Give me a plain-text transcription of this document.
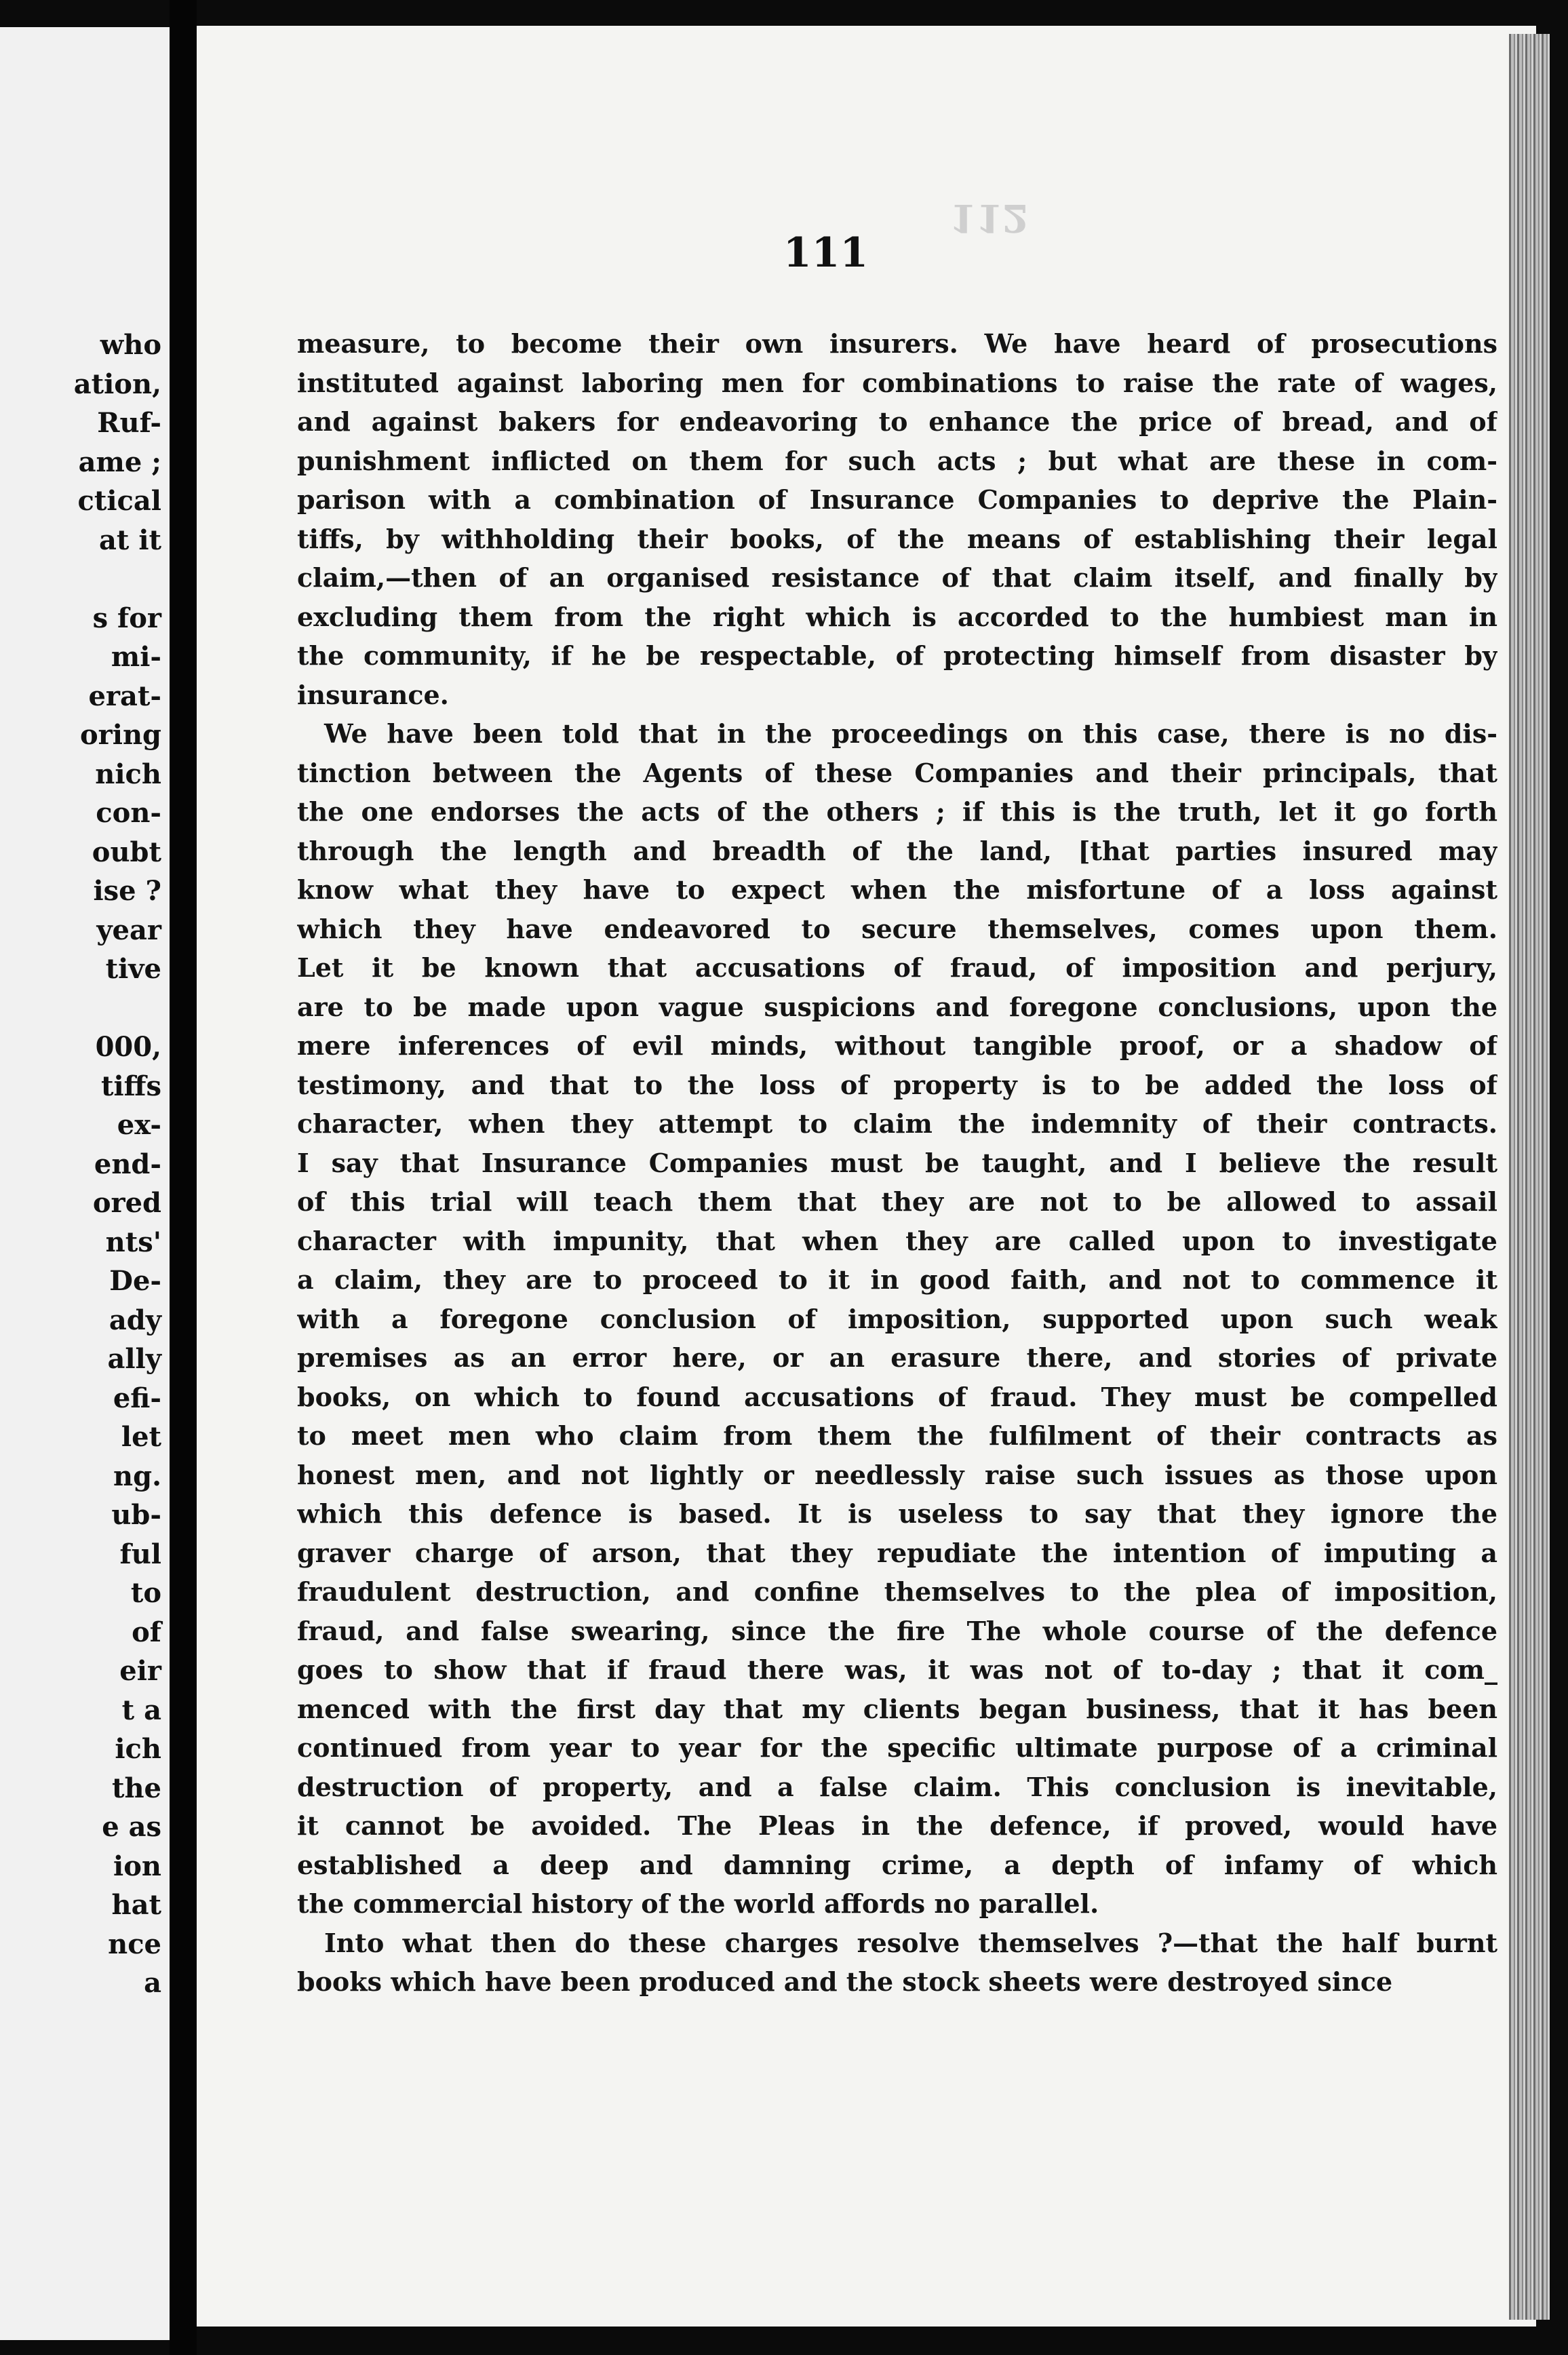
who
ation,
Ruf-
ame ;
ctical
at it
s for
mi-
erat-
oring
nich
con-
oubt
ise ?
year
tive
000,
tiffs
ex-
end-
ored
nts'
De-
ady
ally
efi-
let
ng.
ub-
ful
to
of
eir
t a
ich
the
e as
ion
hat
nce
a
112
111
measure, to become their own insurers. We have heard of prosecutions
instituted against laboring men for combinations to raise the rate of wages,
and against bakers for endeavoring to enhance the price of bread, and of
punishment inflicted on them for such acts ; but what are these in com-
parison with a combination of Insurance Companies to deprive the Plain-
tiffs, by withholding their books, of the means of establishing their legal
claim,—then of an organised resistance of that claim itself, and finally by
excluding them from the right which is accorded to the humbiest man in
the community, if he be respectable, of protecting himself from disaster by
insurance.
We have been told that in the proceedings on this case, there is no dis-
tinction between the Agents of these Companies and their principals, that
the one endorses the acts of the others ; if this is the truth, let it go forth
through the length and breadth of the land, [that parties insured may
know what they have to expect when the misfortune of a loss against
which they have endeavored to secure themselves, comes upon them.
Let it be known that accusations of fraud, of imposition and perjury,
are to be made upon vague suspicions and foregone conclusions, upon the
mere inferences of evil minds, without tangible proof, or a shadow of
testimony, and that to the loss of property is to be added the loss of
character, when they attempt to claim the indemnity of their contracts.
I say that Insurance Companies must be taught, and I believe the result
of this trial will teach them that they are not to be allowed to assail
character with impunity, that when they are called upon to investigate
a claim, they are to proceed to it in good faith, and not to commence it
with a foregone conclusion of imposition, supported upon such weak
premises as an error here, or an erasure there, and stories of private
books, on which to found accusations of fraud. They must be compelled
to meet men who claim from them the fulfilment of their contracts as
honest men, and not lightly or needlessly raise such issues as those upon
which this defence is based. It is useless to say that they ignore the
graver charge of arson, that they repudiate the intention of imputing a
fraudulent destruction, and confine themselves to the plea of imposition,
fraud, and false swearing, since the fire The whole course of the defence
goes to show that if fraud there was, it was not of to-day ; that it com_
menced with the first day that my clients began business, that it has been
continued from year to year for the specific ultimate purpose of a criminal
destruction of property, and a false claim. This conclusion is inevitable,
it cannot be avoided. The Pleas in the defence, if proved, would have
established a deep and damning crime, a depth of infamy of which
the commercial history of the world affords no parallel.
Into what then do these charges resolve themselves ?—that the half burnt
books which have been produced and the stock sheets were destroyed since
